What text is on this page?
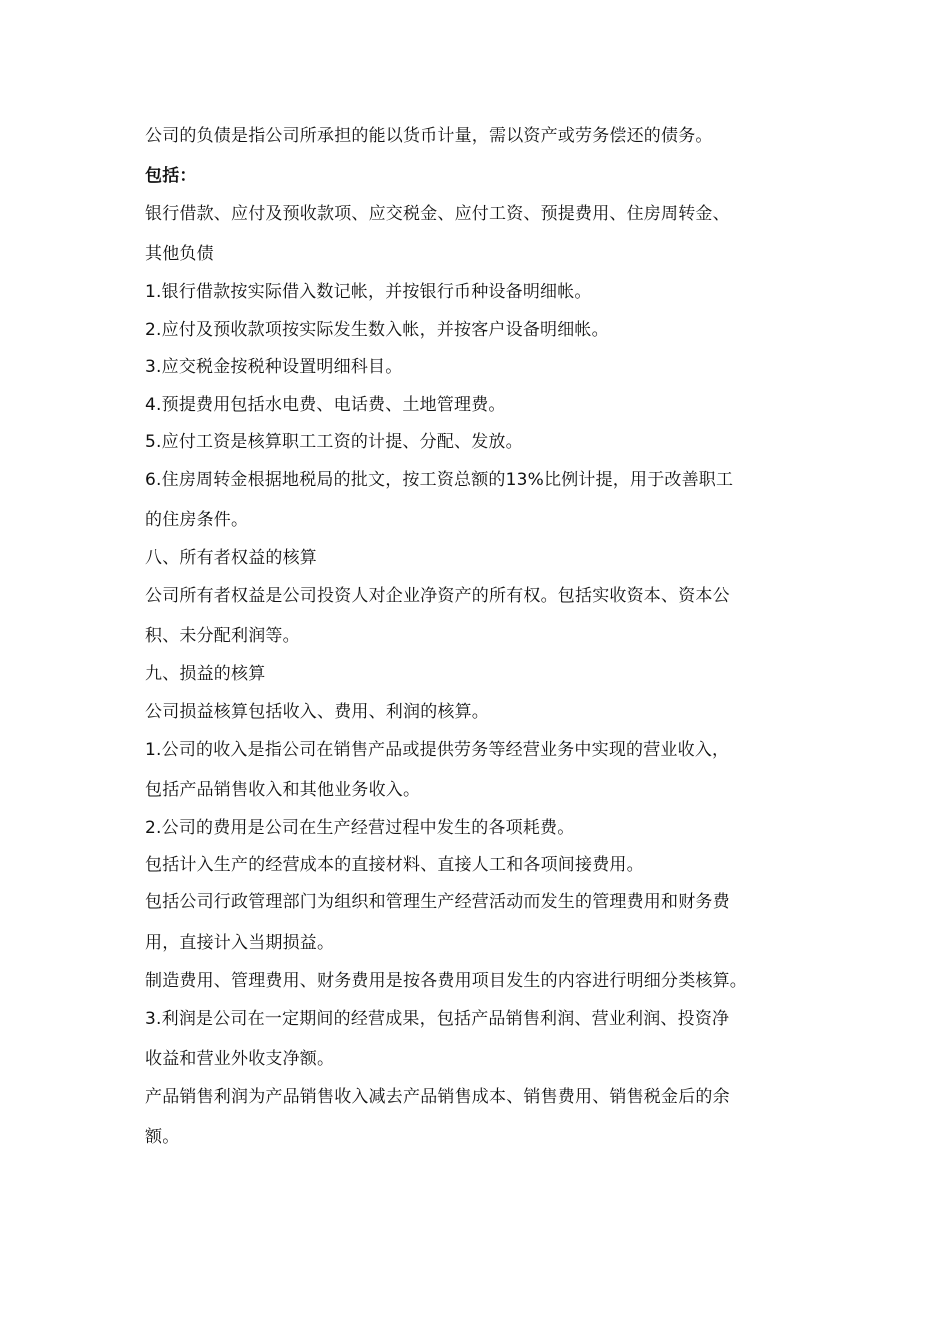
公司的负债是指公司所承担的能以货币计量，需以资产或劳务偿还的债务。
包括：
银行借款、应付及预收款项、应交税金、应付工资、预提费用、住房周转金、
其他负债
1.银行借款按实际借入数记帐，并按银行币种设备明细帐。
2.应付及预收款项按实际发生数入帐，并按客户设备明细帐。
3.应交税金按税种设置明细科目。
4.预提费用包括水电费、电话费、土地管理费。
5.应付工资是核算职工工资的计提、分配、发放。
6.住房周转金根据地税局的批文，按工资总额的13%比例计提，用于改善职工
的住房条件。
八、所有者权益的核算
公司所有者权益是公司投资人对企业净资产的所有权。包括实收资本、资本公
积、未分配利润等。
九、损益的核算
公司损益核算包括收入、费用、利润的核算。
1.公司的收入是指公司在销售产品或提供劳务等经营业务中实现的营业收入，
包括产品销售收入和其他业务收入。
2.公司的费用是公司在生产经营过程中发生的各项耗费。
包括计入生产的经营成本的直接材料、直接人工和各项间接费用。
包括公司行政管理部门为组织和管理生产经营活动而发生的管理费用和财务费
用，直接计入当期损益。
制造费用、管理费用、财务费用是按各费用项目发生的内容进行明细分类核算。
3.利润是公司在一定期间的经营成果，包括产品销售利润、营业利润、投资净
收益和营业外收支净额。
产品销售利润为产品销售收入减去产品销售成本、销售费用、销售税金后的余
额。
